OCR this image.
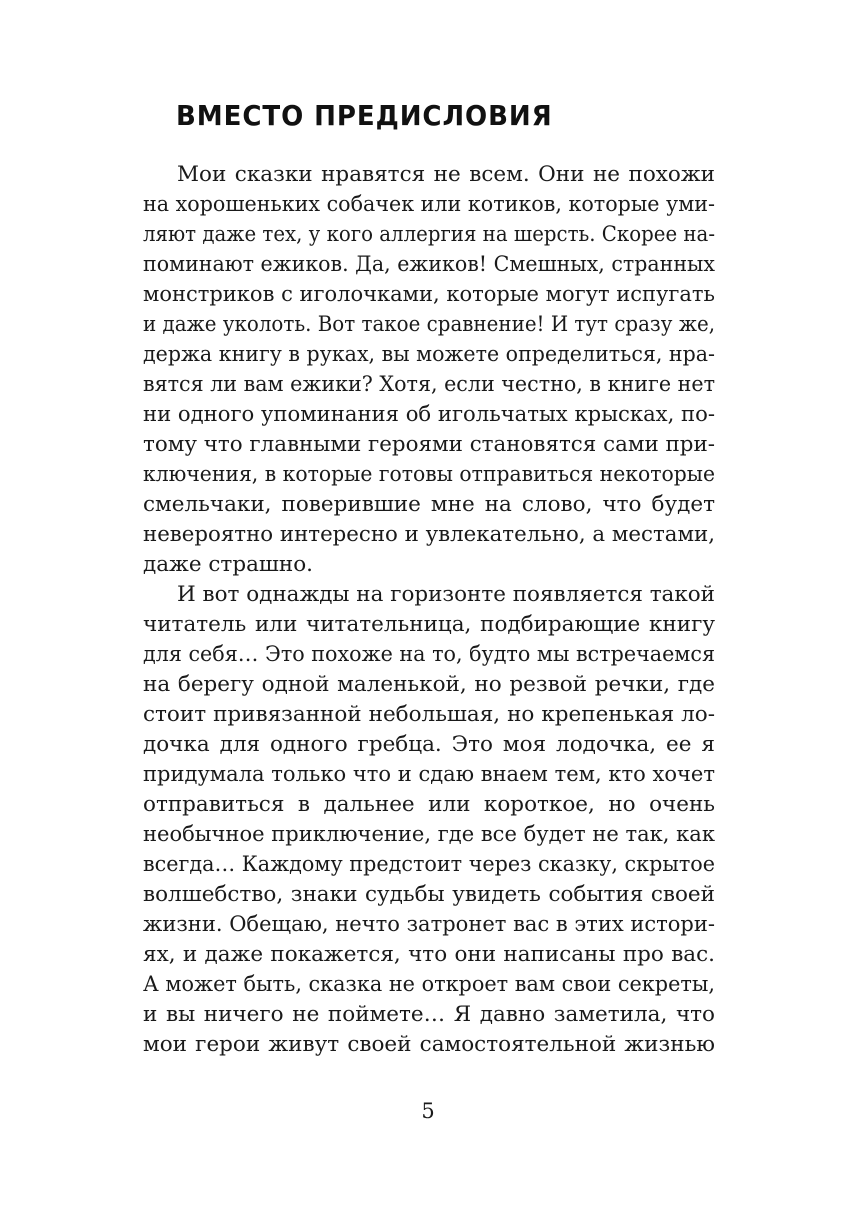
ВМЕСТО ПРЕДИСЛОВИЯ
Мои сказки нравятся не всем. Они не похожи
на хорошеньких собачек или котиков, которые уми-
ляют даже тех, у кого аллергия на шерсть. Скорее на-
поминают ежиков. Да, ежиков! Смешных, странных
монстриков с иголочками, которые могут испугать
и даже уколоть. Вот такое сравнение! И тут сразу же,
держа книгу в руках, вы можете определиться, нра-
вятся ли вам ежики? Хотя, если честно, в книге нет
ни одного упоминания об игольчатых крысках, по-
тому что главными героями становятся сами при-
ключения, в которые готовы отправиться некоторые
смельчаки, поверившие мне на слово, что будет
невероятно интересно и увлекательно, а местами,
даже страшно.
И вот однажды на горизонте появляется такой
читатель или читательница, подбирающие книгу
для себя… Это похоже на то, будто мы встречаемся
на берегу одной маленькой, но резвой речки, где
стоит привязанной небольшая, но крепенькая ло-
дочка для одного гребца. Это моя лодочка, ее я
придумала только что и сдаю внаем тем, кто хочет
отправиться в дальнее или короткое, но очень
необычное приключение, где все будет не так, как
всегда… Каждому предстоит через сказку, скрытое
волшебство, знаки судьбы увидеть события своей
жизни. Обещаю, нечто затронет вас в этих истори-
ях, и даже покажется, что они написаны про вас.
А может быть, сказка не откроет вам свои секреты,
и вы ничего не поймете… Я давно заметила, что
мои герои живут своей самостоятельной жизнью
5
